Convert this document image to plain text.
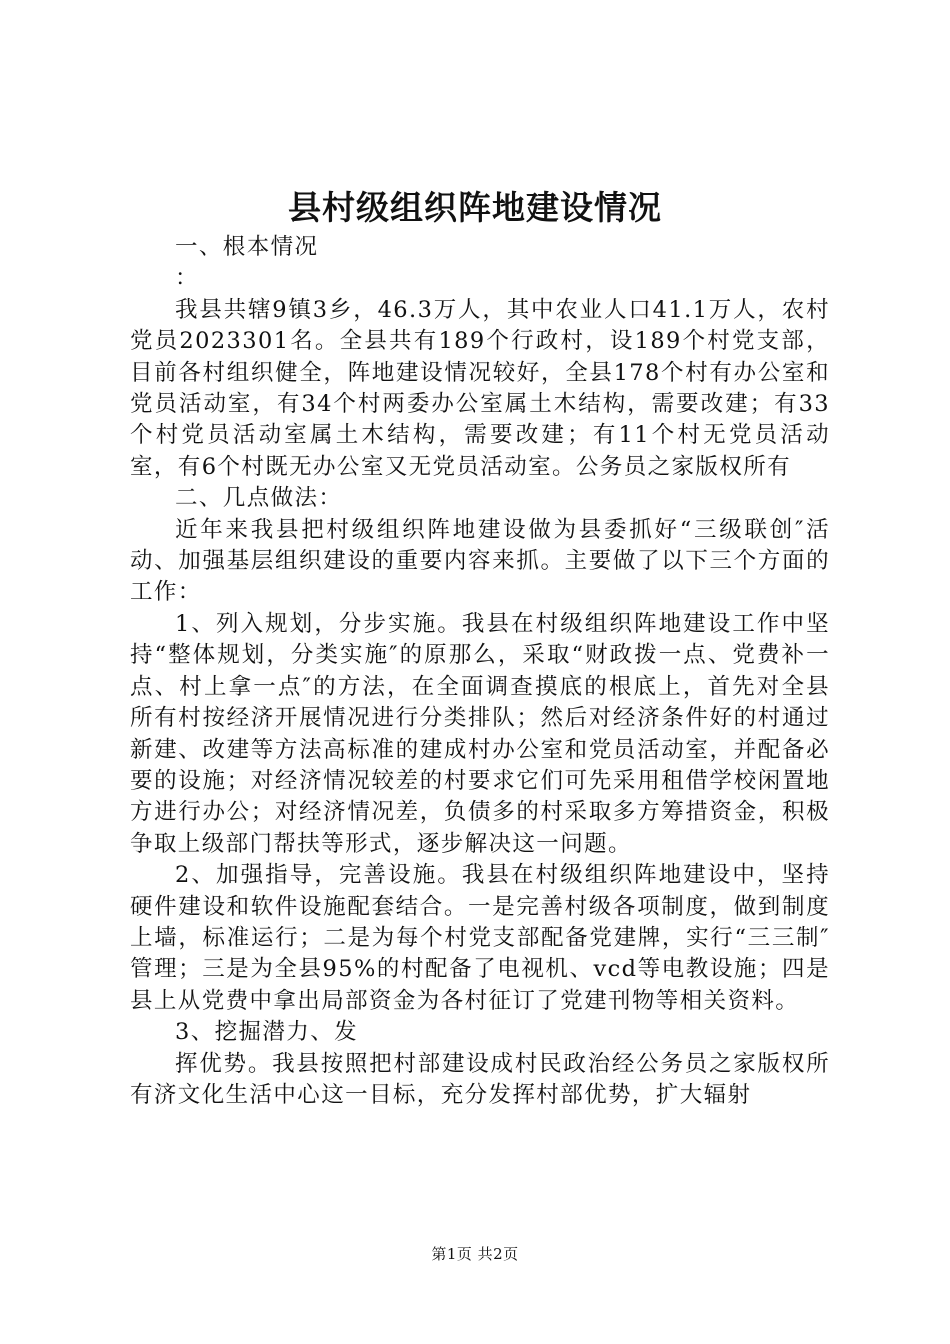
县村级组织阵地建设情况

一、根本情况

：

我县共辖9镇3乡，46.3万人，其中农业人口41.1万人，农村党员2023301名。全县共有189个行政村，设189个村党支部，目前各村组织健全，阵地建设情况较好，全县178个村有办公室和党员活动室，有34个村两委办公室属土木结构，需要改建；有33个村党员活动室属土木结构，需要改建；有11个村无党员活动室，有6个村既无办公室又无党员活动室。公务员之家版权所有

二、几点做法：

近年来我县把村级组织阵地建设做为县委抓好“三级联创″活动、加强基层组织建设的重要内容来抓。主要做了以下三个方面的工作：

1、列入规划，分步实施。我县在村级组织阵地建设工作中坚持“整体规划，分类实施″的原那么，采取“财政拨一点、党费补一点、村上拿一点″的方法，在全面调查摸底的根底上，首先对全县所有村按经济开展情况进行分类排队；然后对经济条件好的村通过新建、改建等方法高标准的建成村办公室和党员活动室，并配备必要的设施；对经济情况较差的村要求它们可先采用租借学校闲置地方进行办公；对经济情况差，负债多的村采取多方筹措资金，积极争取上级部门帮扶等形式，逐步解决这一问题。

2、加强指导，完善设施。我县在村级组织阵地建设中，坚持硬件建设和软件设施配套结合。一是完善村级各项制度，做到制度上墙，标准运行；二是为每个村党支部配备党建牌，实行“三三制″管理；三是为全县95%的村配备了电视机、vcd等电教设施；四是县上从党费中拿出局部资金为各村征订了党建刊物等相关资料。

3、挖掘潜力、发

挥优势。我县按照把村部建设成村民政治经公务员之家版权所有济文化生活中心这一目标，充分发挥村部优势，扩大辐射

第1页 共2页
